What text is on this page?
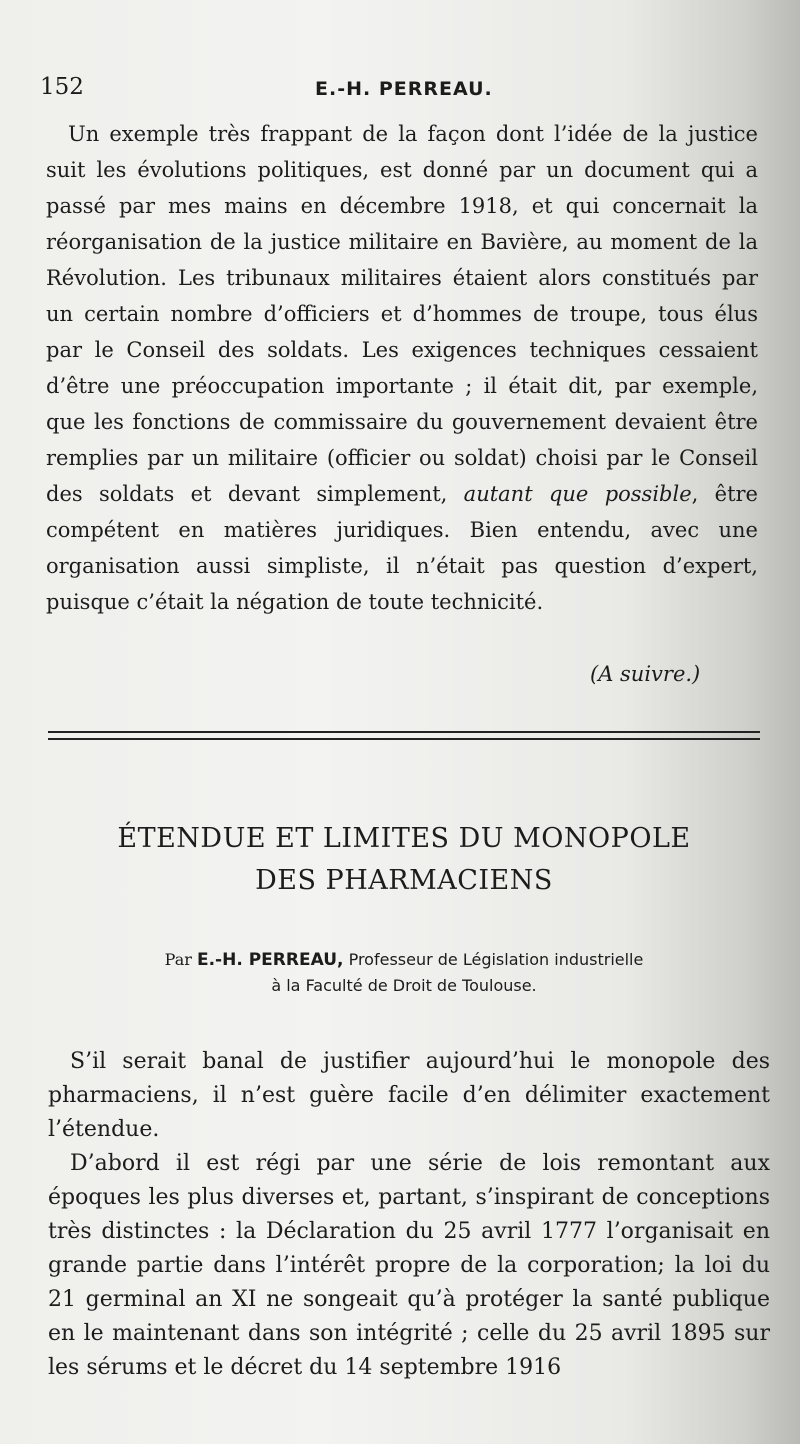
152	E.-H. PERREAU.

Un exemple très frappant de la façon dont l’idée de la justice suit les évolutions politiques, est donné par un document qui a passé par mes mains en décembre 1918, et qui concernait la réorganisation de la justice militaire en Bavière, au moment de la Révolution. Les tribunaux militaires étaient alors constitués par un certain nombre d’officiers et d’hommes de troupe, tous élus par le Conseil des soldats. Les exigences techniques cessaient d’être une préoccupation importante ; il était dit, par exemple, que les fonctions de commissaire du gouvernement devaient être remplies par un militaire (officier ou soldat) choisi par le Conseil des soldats et devant simplement, autant que possible, être compétent en matières juridiques. Bien entendu, avec une organisation aussi simpliste, il n’était pas question d’expert, puisque c’était la négation de toute technicité.

(A suivre.)
ÉTENDUE ET LIMITES DU MONOPOLE
DES PHARMACIENS
Par E.-H. PERREAU, Professeur de Législation industrielle
à la Faculté de Droit de Toulouse.

S’il serait banal de justifier aujourd’hui le monopole des pharmaciens, il n’est guère facile d’en délimiter exactement l’étendue.

D’abord il est régi par une série de lois remontant aux époques les plus diverses et, partant, s’inspirant de conceptions très distinctes : la Déclaration du 25 avril 1777 l’organisait en grande partie dans l’intérêt propre de la corporation; la loi du 21 germinal an XI ne songeait qu’à protéger la santé publique en le maintenant dans son intégrité ; celle du 25 avril 1895 sur les sérums et le décret du 14 septembre 1916
